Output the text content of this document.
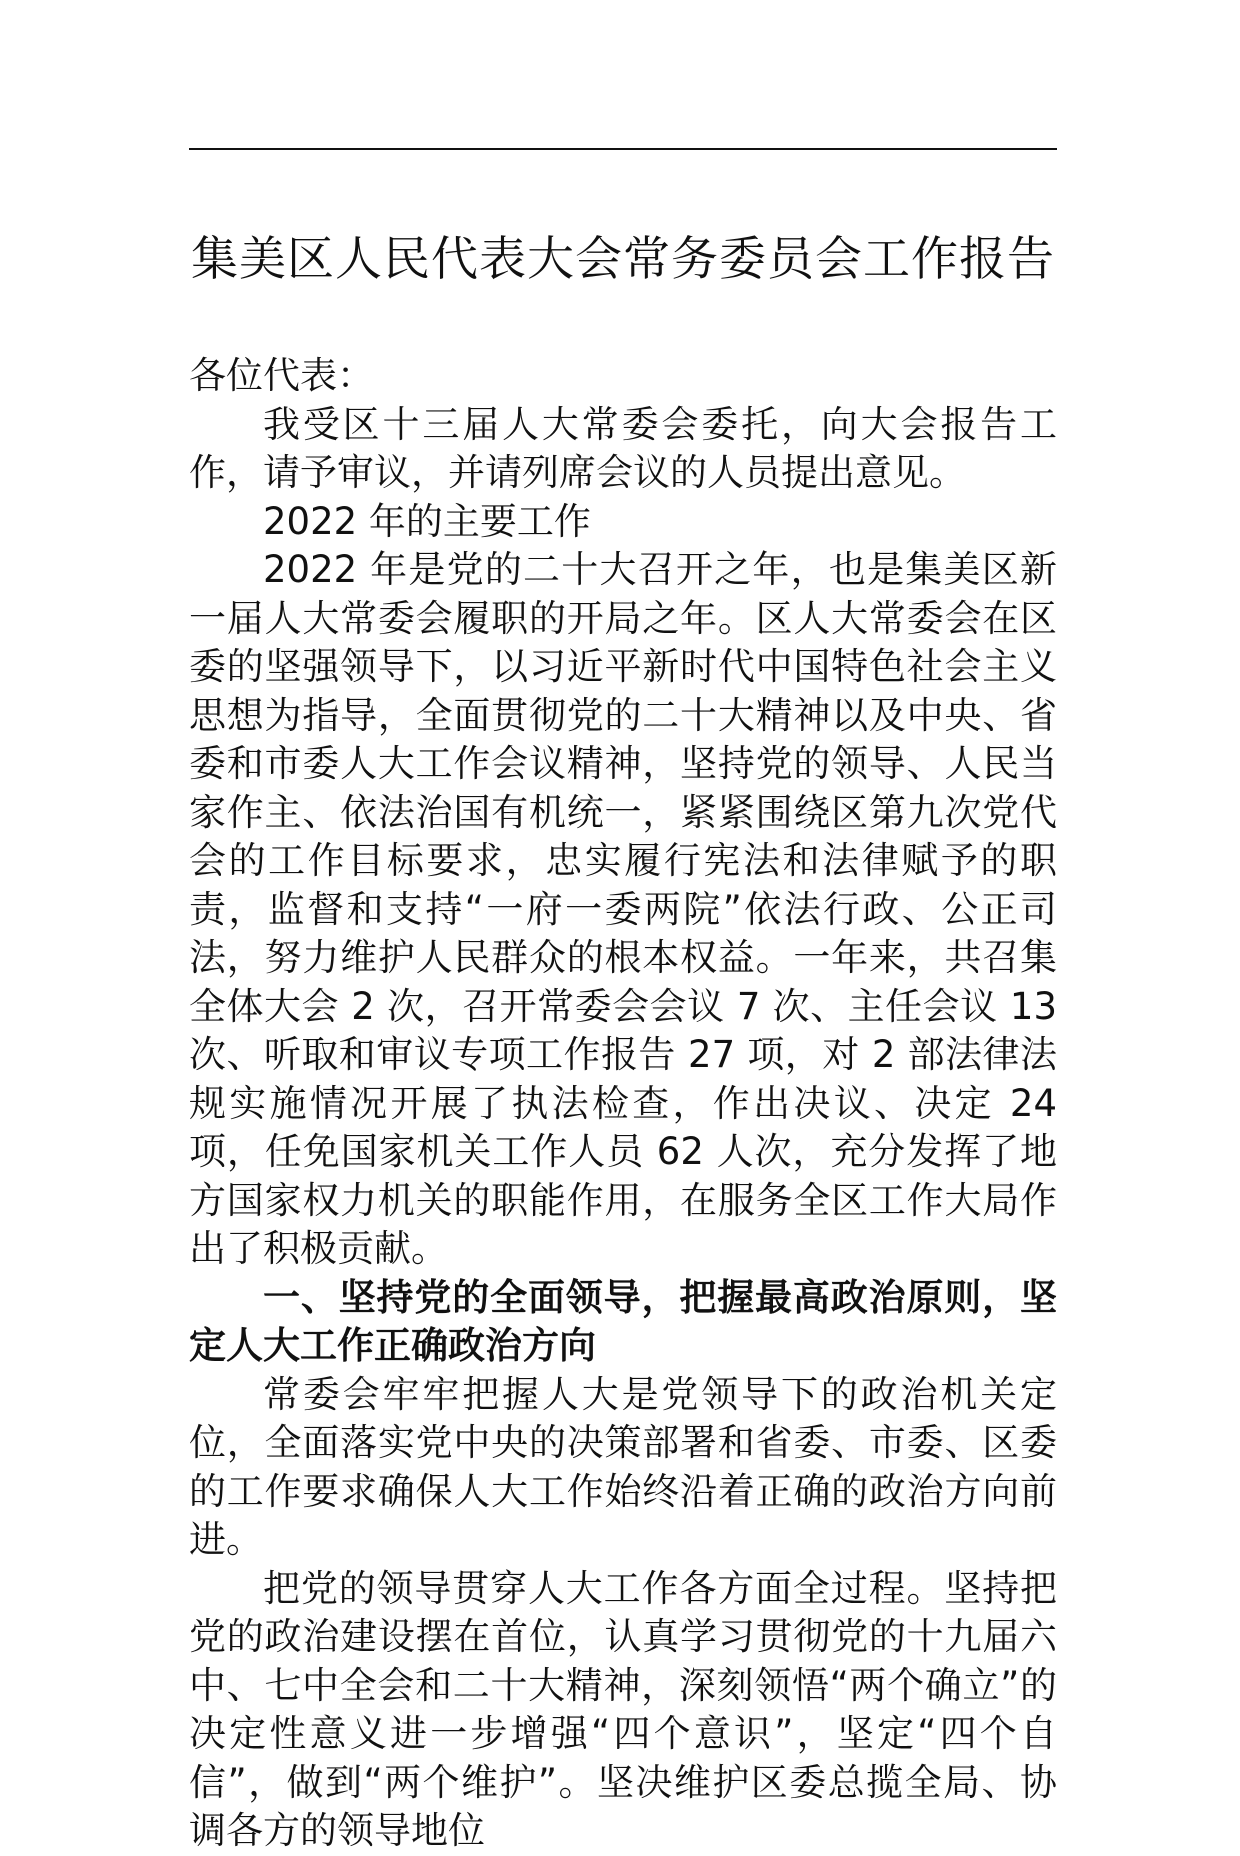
集美区人民代表大会常务委员会工作报告

各位代表：

我受区十三届人大常委会委托，向大会报告工作，请予审议，并请列席会议的人员提出意见。

2022 年的主要工作

2022 年是党的二十大召开之年，也是集美区新一届人大常委会履职的开局之年。区人大常委会在区委的坚强领导下，以习近平新时代中国特色社会主义思想为指导，全面贯彻党的二十大精神以及中央、省委和市委人大工作会议精神，坚持党的领导、人民当家作主、依法治国有机统一，紧紧围绕区第九次党代会的工作目标要求，忠实履行宪法和法律赋予的职责，监督和支持“一府一委两院”依法行政、公正司法，努力维护人民群众的根本权益。一年来，共召集全体大会 2 次，召开常委会会议 7 次、主任会议 13 次、听取和审议专项工作报告 27 项，对 2 部法律法规实施情况开展了执法检查，作出决议、决定 24 项，任免国家机关工作人员 62 人次，充分发挥了地方国家权力机关的职能作用，在服务全区工作大局作出了积极贡献。

一、坚持党的全面领导，把握最高政治原则，坚定人大工作正确政治方向

常委会牢牢把握人大是党领导下的政治机关定位，全面落实党中央的决策部署和省委、市委、区委的工作要求确保人大工作始终沿着正确的政治方向前进。

把党的领导贯穿人大工作各方面全过程。坚持把党的政治建设摆在首位，认真学习贯彻党的十九届六中、七中全会和二十大精神，深刻领悟“两个确立”的决定性意义进一步增强“四个意识”，坚定“四个自信”，做到“两个维护”。坚决维护区委总揽全局、协调各方的领导地位
